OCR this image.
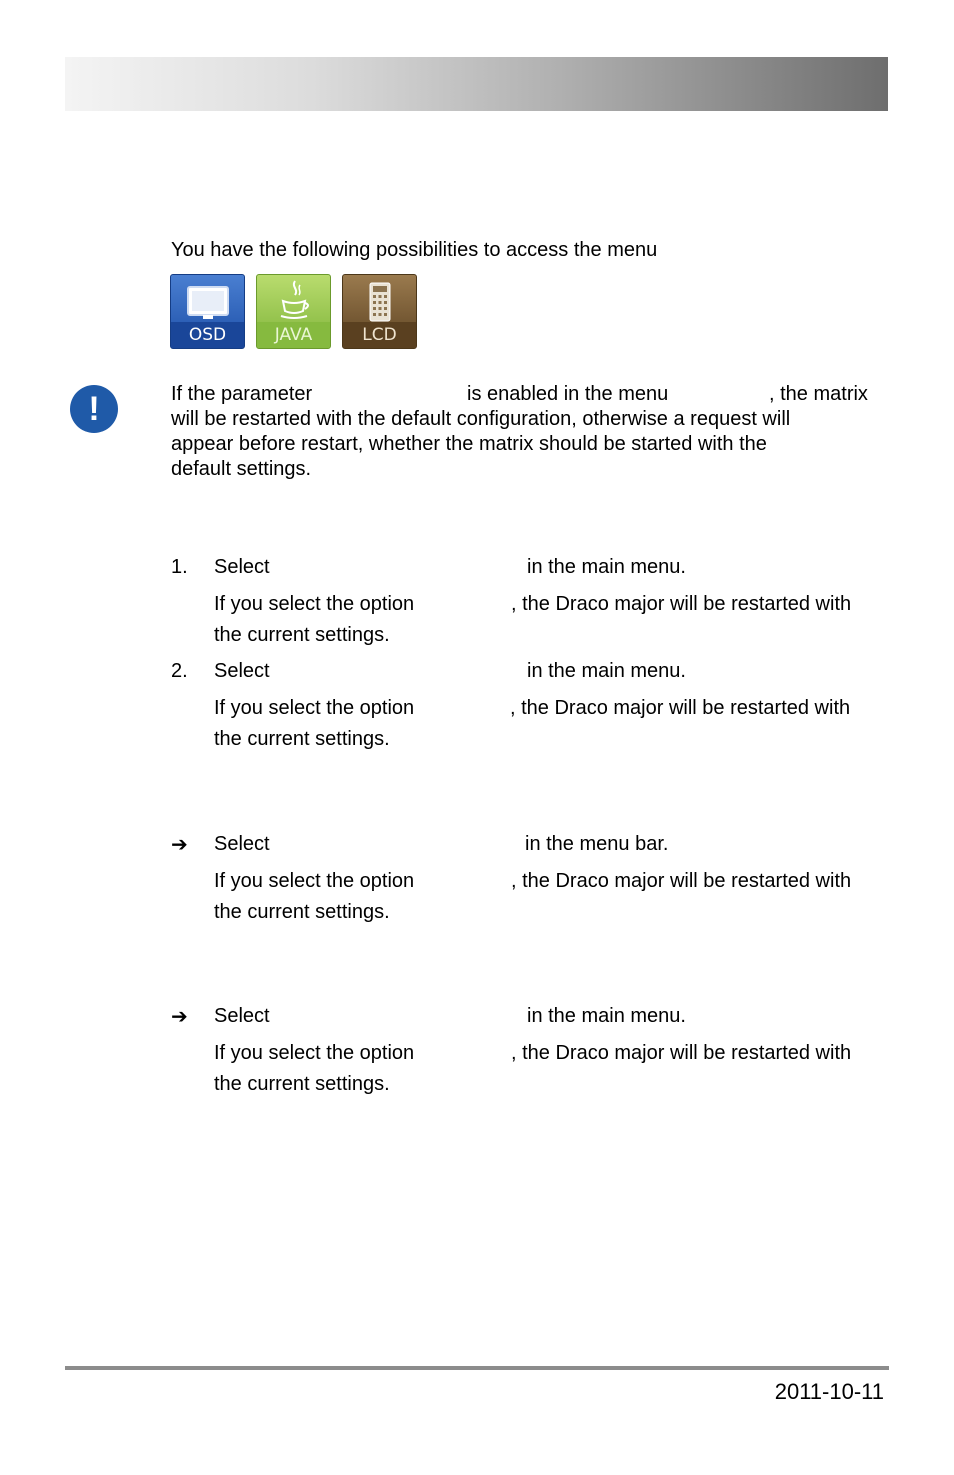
You have the following possibilities to access the menu
OSD	JAVA	LCD
!	If the parameter	is enabled in the menu	, the matrix
will be restarted with the default configuration, otherwise a request will
appear before restart, whether the matrix should be started with the
default settings.
1. Select	in the main menu.
If you select the option	, the Draco major will be restarted with
the current settings.
2. Select	in the main menu.
If you select the option	, the Draco major will be restarted with
the current settings.
➔ Select	in the menu bar.
If you select the option	, the Draco major will be restarted with
the current settings.
➔ Select	in the main menu.
If you select the option	, the Draco major will be restarted with
the current settings.
2011-10-11
